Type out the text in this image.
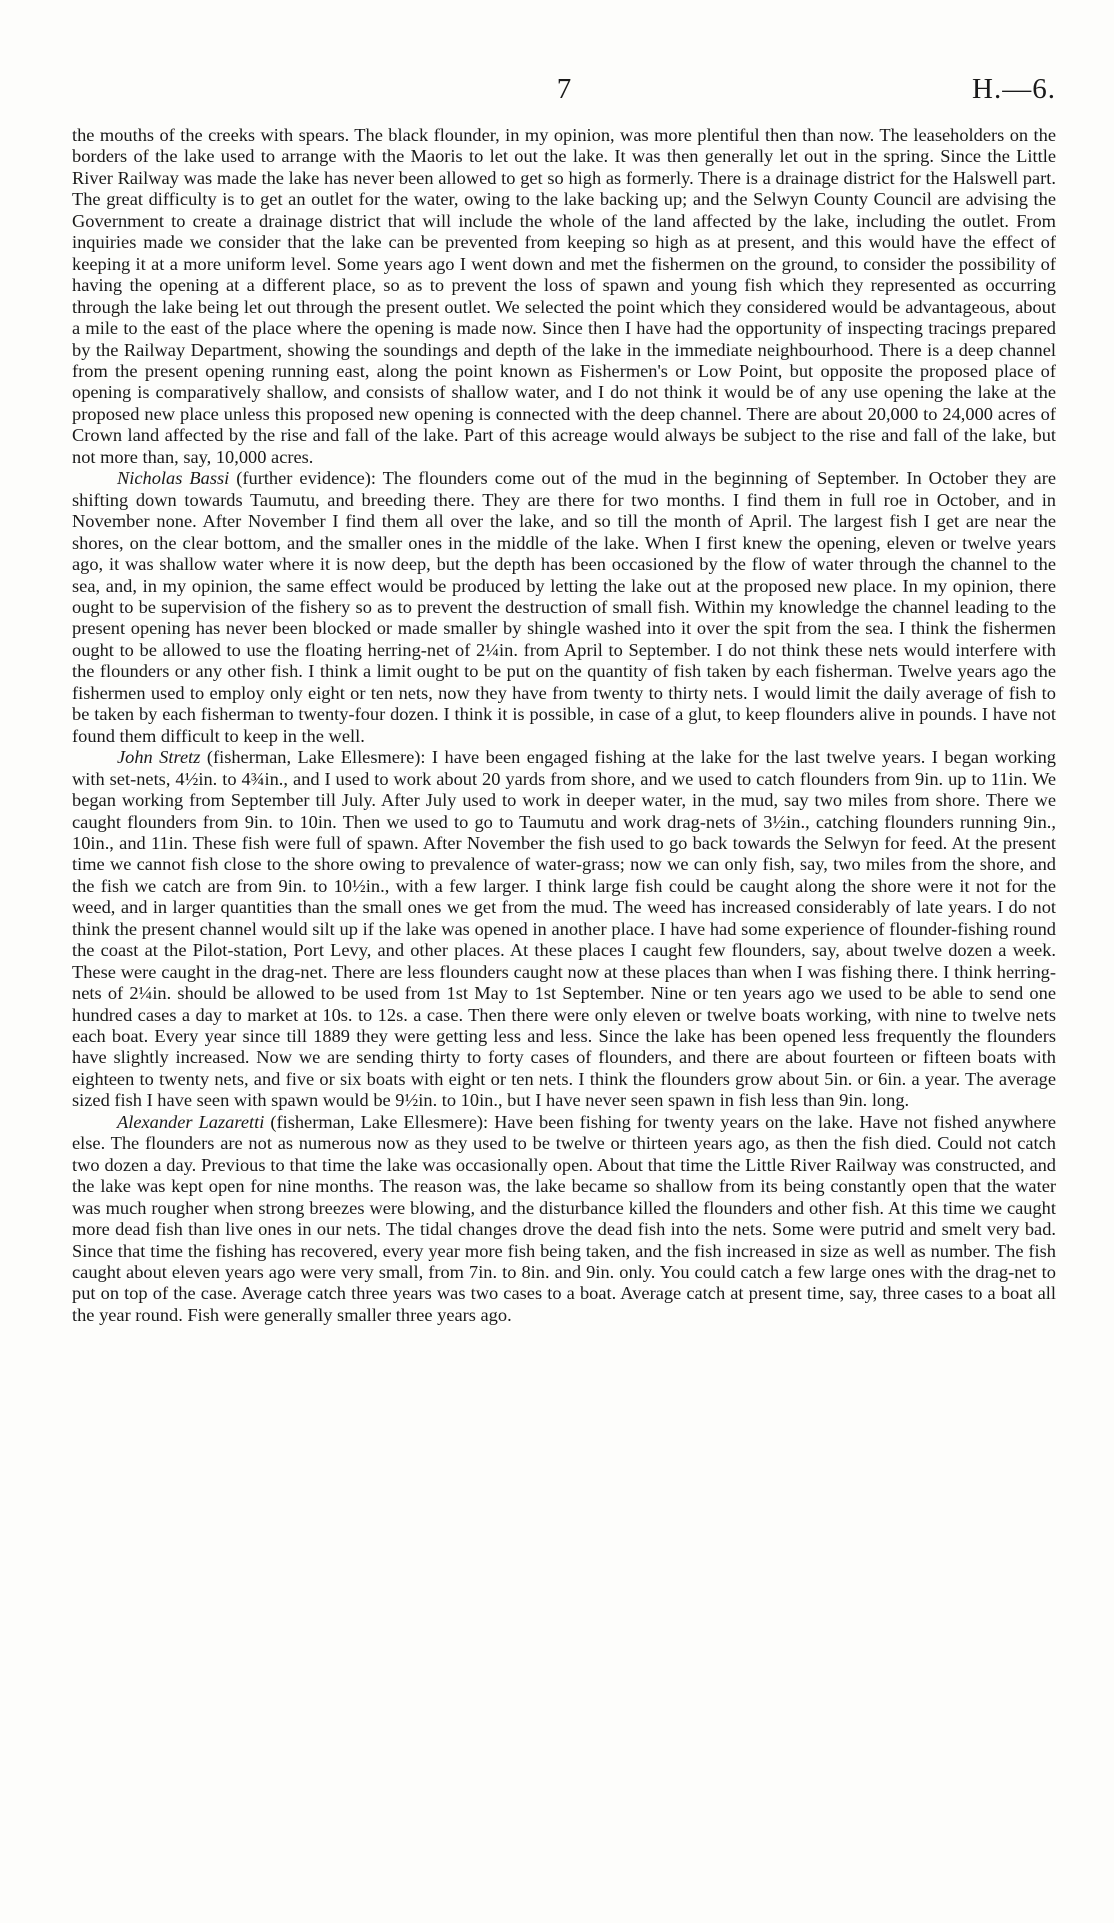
7	H.—6.

the mouths of the creeks with spears. The black flounder, in my opinion, was more plentiful then than now. The leaseholders on the borders of the lake used to arrange with the Maoris to let out the lake. It was then generally let out in the spring. Since the Little River Railway was made the lake has never been allowed to get so high as formerly. There is a drainage district for the Halswell part. The great difficulty is to get an outlet for the water, owing to the lake backing up; and the Selwyn County Council are advising the Government to create a drainage district that will include the whole of the land affected by the lake, including the outlet. From inquiries made we consider that the lake can be prevented from keeping so high as at present, and this would have the effect of keeping it at a more uniform level. Some years ago I went down and met the fishermen on the ground, to consider the possibility of having the opening at a different place, so as to prevent the loss of spawn and young fish which they represented as occurring through the lake being let out through the present outlet. We selected the point which they considered would be advantageous, about a mile to the east of the place where the opening is made now. Since then I have had the opportunity of inspecting tracings prepared by the Railway Department, showing the soundings and depth of the lake in the immediate neighbourhood. There is a deep channel from the present opening running east, along the point known as Fishermen's or Low Point, but opposite the proposed place of opening is comparatively shallow, and consists of shallow water, and I do not think it would be of any use opening the lake at the proposed new place unless this proposed new opening is connected with the deep channel. There are about 20,000 to 24,000 acres of Crown land affected by the rise and fall of the lake. Part of this acreage would always be subject to the rise and fall of the lake, but not more than, say, 10,000 acres.

Nicholas Bassi (further evidence): The flounders come out of the mud in the beginning of September. In October they are shifting down towards Taumutu, and breeding there. They are there for two months. I find them in full roe in October, and in November none. After November I find them all over the lake, and so till the month of April. The largest fish I get are near the shores, on the clear bottom, and the smaller ones in the middle of the lake. When I first knew the opening, eleven or twelve years ago, it was shallow water where it is now deep, but the depth has been occasioned by the flow of water through the channel to the sea, and, in my opinion, the same effect would be produced by letting the lake out at the proposed new place. In my opinion, there ought to be supervision of the fishery so as to prevent the destruction of small fish. Within my knowledge the channel leading to the present opening has never been blocked or made smaller by shingle washed into it over the spit from the sea. I think the fishermen ought to be allowed to use the floating herring-net of 2¼in. from April to September. I do not think these nets would interfere with the flounders or any other fish. I think a limit ought to be put on the quantity of fish taken by each fisherman. Twelve years ago the fishermen used to employ only eight or ten nets, now they have from twenty to thirty nets. I would limit the daily average of fish to be taken by each fisherman to twenty-four dozen. I think it is possible, in case of a glut, to keep flounders alive in pounds. I have not found them difficult to keep in the well.

John Stretz (fisherman, Lake Ellesmere): I have been engaged fishing at the lake for the last twelve years. I began working with set-nets, 4½in. to 4¾in., and I used to work about 20 yards from shore, and we used to catch flounders from 9in. up to 11in. We began working from September till July. After July used to work in deeper water, in the mud, say two miles from shore. There we caught flounders from 9in. to 10in. Then we used to go to Taumutu and work drag-nets of 3½in., catching flounders running 9in., 10in., and 11in. These fish were full of spawn. After November the fish used to go back towards the Selwyn for feed. At the present time we cannot fish close to the shore owing to prevalence of water-grass; now we can only fish, say, two miles from the shore, and the fish we catch are from 9in. to 10½in., with a few larger. I think large fish could be caught along the shore were it not for the weed, and in larger quantities than the small ones we get from the mud. The weed has increased considerably of late years. I do not think the present channel would silt up if the lake was opened in another place. I have had some experience of flounder-fishing round the coast at the Pilot-station, Port Levy, and other places. At these places I caught few flounders, say, about twelve dozen a week. These were caught in the drag-net. There are less flounders caught now at these places than when I was fishing there. I think herring-nets of 2¼in. should be allowed to be used from 1st May to 1st September. Nine or ten years ago we used to be able to send one hundred cases a day to market at 10s. to 12s. a case. Then there were only eleven or twelve boats working, with nine to twelve nets each boat. Every year since till 1889 they were getting less and less. Since the lake has been opened less frequently the flounders have slightly increased. Now we are sending thirty to forty cases of flounders, and there are about fourteen or fifteen boats with eighteen to twenty nets, and five or six boats with eight or ten nets. I think the flounders grow about 5in. or 6in. a year. The average sized fish I have seen with spawn would be 9½in. to 10in., but I have never seen spawn in fish less than 9in. long.

Alexander Lazaretti (fisherman, Lake Ellesmere): Have been fishing for twenty years on the lake. Have not fished anywhere else. The flounders are not as numerous now as they used to be twelve or thirteen years ago, as then the fish died. Could not catch two dozen a day. Previous to that time the lake was occasionally open. About that time the Little River Railway was constructed, and the lake was kept open for nine months. The reason was, the lake became so shallow from its being constantly open that the water was much rougher when strong breezes were blowing, and the disturbance killed the flounders and other fish. At this time we caught more dead fish than live ones in our nets. The tidal changes drove the dead fish into the nets. Some were putrid and smelt very bad. Since that time the fishing has recovered, every year more fish being taken, and the fish increased in size as well as number. The fish caught about eleven years ago were very small, from 7in. to 8in. and 9in. only. You could catch a few large ones with the drag-net to put on top of the case. Average catch three years was two cases to a boat. Average catch at present time, say, three cases to a boat all the year round. Fish were generally smaller three years ago.
